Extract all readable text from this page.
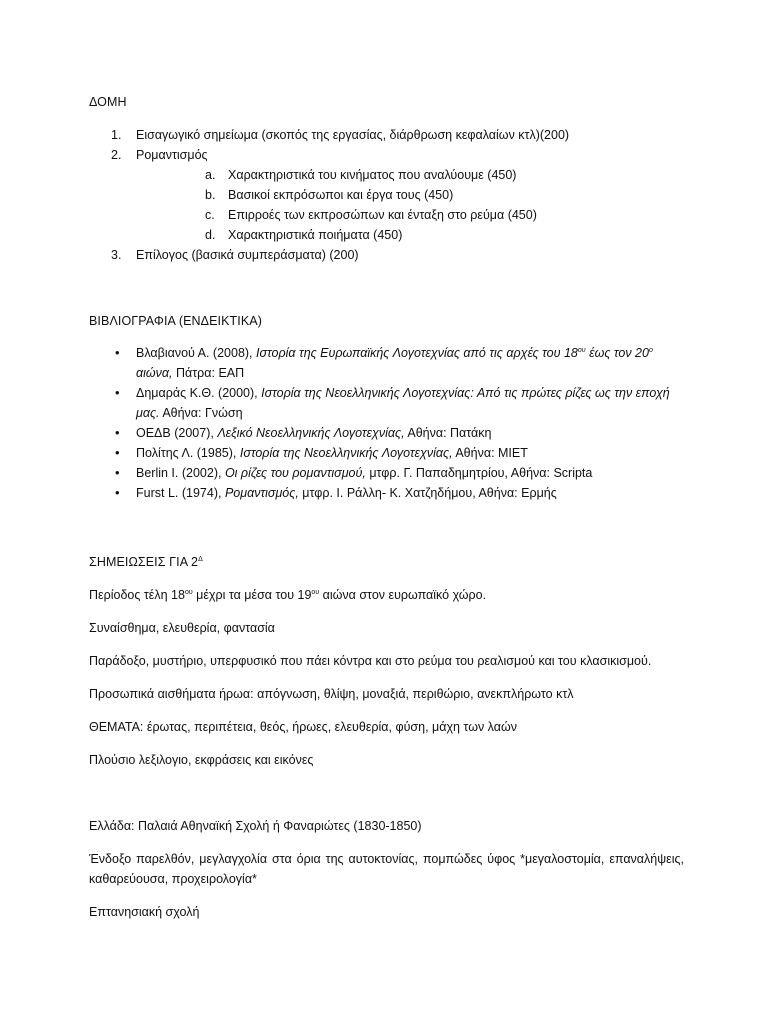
ΔΟΜΗ

1. Εισαγωγικό σημείωμα (σκοπός της εργασίας, διάρθρωση κεφαλαίων κτλ)(200)
2. Ρομαντισμός
a. Χαρακτηριστικά του κινήματος που αναλύουμε (450)
b. Βασικοί εκπρόσωποι και έργα τους (450)
c. Επιρροές των εκπροσώπων και ένταξη στο ρεύμα (450)
d. Χαρακτηριστικά ποιήματα (450)
3. Επίλογος (βασικά συμπεράσματα) (200)

ΒΙΒΛΙΟΓΡΑΦΙΑ (ΕΝΔΕΙΚΤΙΚΑ)

• Βλαβιανού Α. (2008), Ιστορία της Ευρωπαϊκής Λογοτεχνίας από τις αρχές του $18^{o\upsilon}$ έως τον $20^o$ αιώνα, Πάτρα: ΕΑΠ
• Δημαράς Κ.Θ. (2000), Ιστορία της Νεοελληνικής Λογοτεχνίας: Από τις πρώτες ρίζες ως την εποχή μας. Αθήνα: Γνώση
• ΟΕΔΒ (2007), Λεξικό Νεοελληνικής Λογοτεχνίας, Αθήνα: Πατάκη
• Πολίτης Λ. (1985), Ιστορία της Νεοελληνικής Λογοτεχνίας, Αθήνα: ΜΙΕΤ
• Berlin I. (2002), Οι ρίζες του ρομαντισμού, μτφρ. Γ. Παπαδημητρίου, Αθήνα: Scripta
• Furst L. (1974), Ρομαντισμός, μτφρ. Ι. Ράλλη- Κ. Χατζηδήμου, Αθήνα: Ερμής

ΣΗΜΕΙΩΣΕΙΣ ΓΙΑ $2^\Delta$

Περίοδος τέλη $18^{o\upsilon}$ μέχρι τα μέσα του $19^{o\upsilon}$ αιώνα στον ευρωπαϊκό χώρο.

Συναίσθημα, ελευθερία, φαντασία

Παράδοξο, μυστήριο, υπερφυσικό που πάει κόντρα και στο ρεύμα του ρεαλισμού και του κλασικισμού.

Προσωπικά αισθήματα ήρωα: απόγνωση, θλίψη, μοναξιά, περιθώριο, ανεκπλήρωτο κτλ

ΘΕΜΑΤΑ: έρωτας, περιπέτεια, θεός, ήρωες, ελευθερία, φύση, μάχη των λαών

Πλούσιο λεξιλογιο, εκφράσεις και εικόνες

Ελλάδα: Παλαιά Αθηναϊκή Σχολή ή Φαναριώτες (1830-1850)

Ένδοξο παρελθόν, μεγλαγχολία στα όρια της αυτοκτονίας, πομπώδες ύφος *μεγαλοστομία, επαναλήψεις, καθαρεύουσα, προχειρολογία*

Επτανησιακή σχολή
